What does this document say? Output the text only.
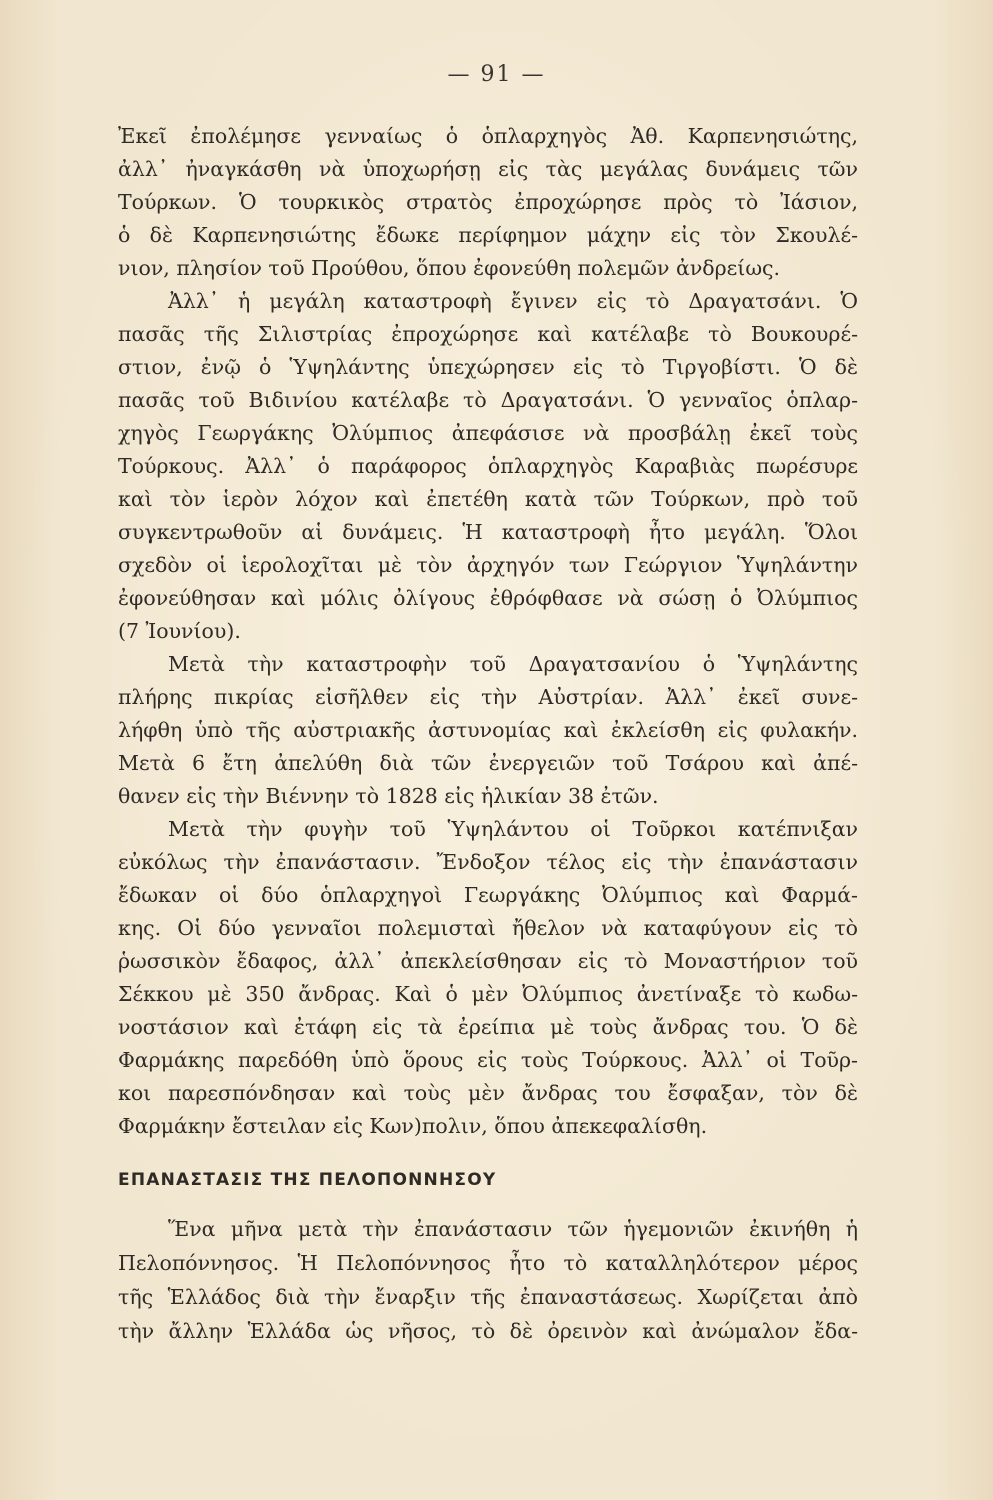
— 91 —
Ἐκεῖ ἐπολέμησε γενναίως ὁ ὁπλαρχηγὸς Ἀθ. Καρπενησιώτης,
ἀλλ᾽ ἠναγκάσθη νὰ ὑποχωρήσῃ εἰς τὰς μεγάλας δυνάμεις τῶν
Τούρκων. Ὁ τουρκικὸς στρατὸς ἐπροχώρησε πρὸς τὸ Ἰάσιον,
ὁ δὲ Καρπενησιώτης ἔδωκε περίφημον μάχην εἰς τὸν Σκουλέ-
νιον, πλησίον τοῦ Προύθου, ὅπου ἐφονεύθη πολεμῶν ἀνδρείως.
Ἀλλ᾽ ἡ μεγάλη καταστροφὴ ἔγινεν εἰς τὸ Δραγατσάνι. Ὁ
πασᾶς τῆς Σιλιστρίας ἐπροχώρησε καὶ κατέλαβε τὸ Βουκουρέ-
στιον, ἐνῷ ὁ Ὑψηλάντης ὑπεχώρησεν εἰς τὸ Τιργοβίστι. Ὁ δὲ
πασᾶς τοῦ Βιδινίου κατέλαβε τὸ Δραγατσάνι. Ὁ γενναῖος ὁπλαρ-
χηγὸς Γεωργάκης Ὀλύμπιος ἀπεφάσισε νὰ προσβάλῃ ἐκεῖ τοὺς
Τούρκους. Ἀλλ᾽ ὁ παράφορος ὁπλαρχηγὸς Καραβιὰς πωρέσυρε
καὶ τὸν ἱερὸν λόχον καὶ ἐπετέθη κατὰ τῶν Τούρκων, πρὸ τοῦ
συγκεντρωθοῦν αἱ δυνάμεις. Ἡ καταστροφὴ ἦτο μεγάλη. Ὅλοι
σχεδὸν οἱ ἱερολοχῖται μὲ τὸν ἀρχηγόν των Γεώργιον Ὑψηλάντην
ἐφονεύθησαν καὶ μόλις ὀλίγους ἐθρόφθασε νὰ σώσῃ ὁ Ὀλύμπιος
(7 Ἰουνίου).
Μετὰ τὴν καταστροφὴν τοῦ Δραγατσανίου ὁ Ὑψηλάντης
πλήρης πικρίας εἰσῆλθεν εἰς τὴν Αὐστρίαν. Ἀλλ᾽ ἐκεῖ συνε-
λήφθη ὑπὸ τῆς αὐστριακῆς ἀστυνομίας καὶ ἐκλείσθη εἰς φυλακήν.
Μετὰ 6 ἔτη ἀπελύθη διὰ τῶν ἐνεργειῶν τοῦ Τσάρου καὶ ἀπέ-
θανεν εἰς τὴν Βιέννην τὸ 1828 εἰς ἡλικίαν 38 ἐτῶν.
Μετὰ τὴν φυγὴν τοῦ Ὑψηλάντου οἱ Τοῦρκοι κατέπνιξαν
εὐκόλως τὴν ἐπανάστασιν. Ἔνδοξον τέλος εἰς τὴν ἐπανάστασιν
ἔδωκαν οἱ δύο ὁπλαρχηγοὶ Γεωργάκης Ὀλύμπιος καὶ Φαρμά-
κης. Οἱ δύο γενναῖοι πολεμισταὶ ἤθελον νὰ καταφύγουν εἰς τὸ
ῥωσσικὸν ἔδαφος, ἀλλ᾽ ἀπεκλείσθησαν εἰς τὸ Μοναστήριον τοῦ
Σέκκου μὲ 350 ἄνδρας. Καὶ ὁ μὲν Ὀλύμπιος ἀνετίναξε τὸ κωδω-
νοστάσιον καὶ ἐτάφη εἰς τὰ ἐρείπια μὲ τοὺς ἄνδρας του. Ὁ δὲ
Φαρμάκης παρεδόθη ὑπὸ ὅρους εἰς τοὺς Τούρκους. Ἀλλ᾽ οἱ Τοῦρ-
κοι παρεσπόνδησαν καὶ τοὺς μὲν ἄνδρας του ἔσφαξαν, τὸν δὲ
Φαρμάκην ἔστειλαν εἰς Κων)πολιν, ὅπου ἀπεκεφαλίσθη.
ΕΠΑΝΑΣΤΑΣΙΣ ΤΗΣ ΠΕΛΟΠΟΝΝΗΣΟΥ
Ἕνα μῆνα μετὰ τὴν ἐπανάστασιν τῶν ἡγεμονιῶν ἐκινήθη ἡ
Πελοπόννησος. Ἡ Πελοπόννησος ἦτο τὸ καταλληλότερον μέρος
τῆς Ἑλλάδος διὰ τὴν ἔναρξιν τῆς ἐπαναστάσεως. Χωρίζεται ἀπὸ
τὴν ἄλλην Ἑλλάδα ὡς νῆσος, τὸ δὲ ὀρεινὸν καὶ ἀνώμαλον ἔδα-
